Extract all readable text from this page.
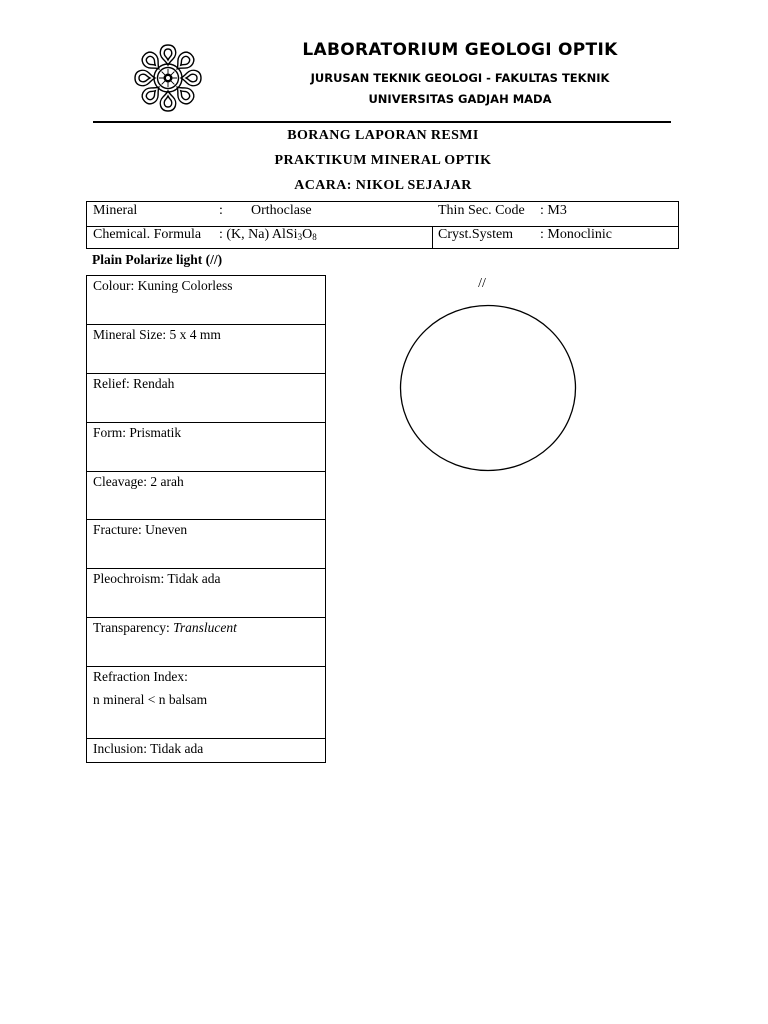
LABORATORIUM GEOLOGI OPTIK
JURUSAN TEKNIK GEOLOGI - FAKULTAS TEKNIK
UNIVERSITAS GADJAH MADA
BORANG LAPORAN RESMI
PRAKTIKUM MINERAL OPTIK
ACARA: NIKOL SEJAJAR
Mineral	: Orthoclase	Thin Sec. Code : M3
Chemical. Formula : (K, Na) $AlSi_3O_8$	Cryst.System : Monoclinic
Plain Polarize light (//)
Colour: Kuning Colorless
Mineral Size: 5 x 4 mm
Relief: Rendah
Form: Prismatik
Cleavage: 2 arah
Fracture: Uneven
Pleochroism: Tidak ada
Transparency: Translucent
Refraction Index:
n mineral < n balsam
Inclusion: Tidak ada
//
